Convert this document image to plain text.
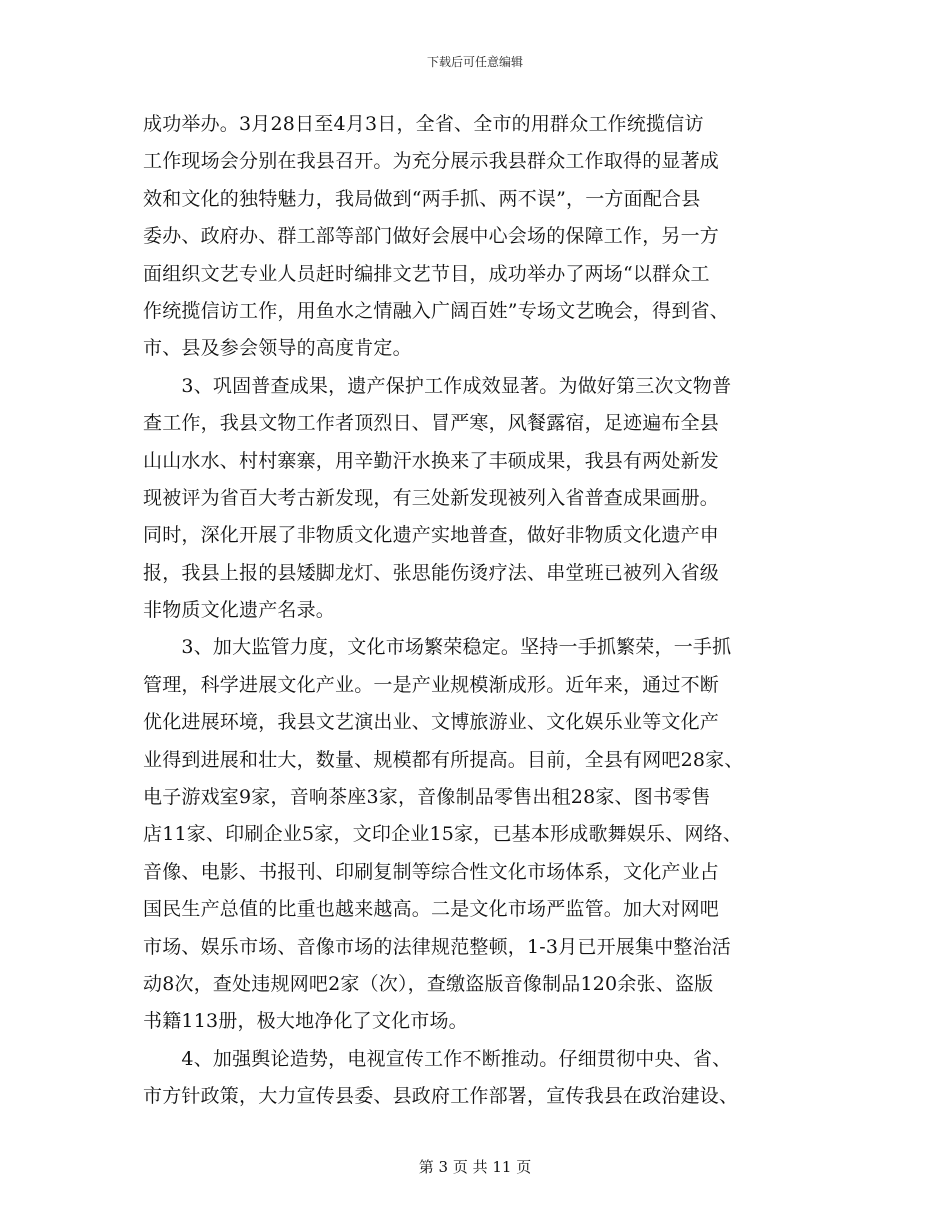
下载后可任意编辑
成功举办。3月28日至4月3日，全省、全市的用群众工作统揽信访
工作现场会分别在我县召开。为充分展示我县群众工作取得的显著成
效和文化的独特魅力，我局做到“两手抓、两不误”，一方面配合县
委办、政府办、群工部等部门做好会展中心会场的保障工作，另一方
面组织文艺专业人员赶时编排文艺节目，成功举办了两场“以群众工
作统揽信访工作，用鱼水之情融入广阔百姓”专场文艺晚会，得到省、
市、县及参会领导的高度肯定。
　　3、巩固普查成果，遗产保护工作成效显著。为做好第三次文物普
查工作，我县文物工作者顶烈日、冒严寒，风餐露宿，足迹遍布全县
山山水水、村村寨寨，用辛勤汗水换来了丰硕成果，我县有两处新发
现被评为省百大考古新发现，有三处新发现被列入省普查成果画册。
同时，深化开展了非物质文化遗产实地普查，做好非物质文化遗产申
报，我县上报的县矮脚龙灯、张思能伤烫疗法、串堂班已被列入省级
非物质文化遗产名录。
　　3、加大监管力度，文化市场繁荣稳定。坚持一手抓繁荣，一手抓
管理，科学进展文化产业。一是产业规模渐成形。近年来，通过不断
优化进展环境，我县文艺演出业、文博旅游业、文化娱乐业等文化产
业得到进展和壮大，数量、规模都有所提高。目前，全县有网吧28家、
电子游戏室9家，音响茶座3家，音像制品零售出租28家、图书零售
店11家、印刷企业5家，文印企业15家，已基本形成歌舞娱乐、网络、
音像、电影、书报刊、印刷复制等综合性文化市场体系，文化产业占
国民生产总值的比重也越来越高。二是文化市场严监管。加大对网吧
市场、娱乐市场、音像市场的法律规范整顿，1-3月已开展集中整治活
动8次，查处违规网吧2家（次），查缴盗版音像制品120余张、盗版
书籍113册，极大地净化了文化市场。
　　4、加强舆论造势，电视宣传工作不断推动。仔细贯彻中央、省、
市方针政策，大力宣传县委、县政府工作部署，宣传我县在政治建设、
第 3 页 共 11 页
